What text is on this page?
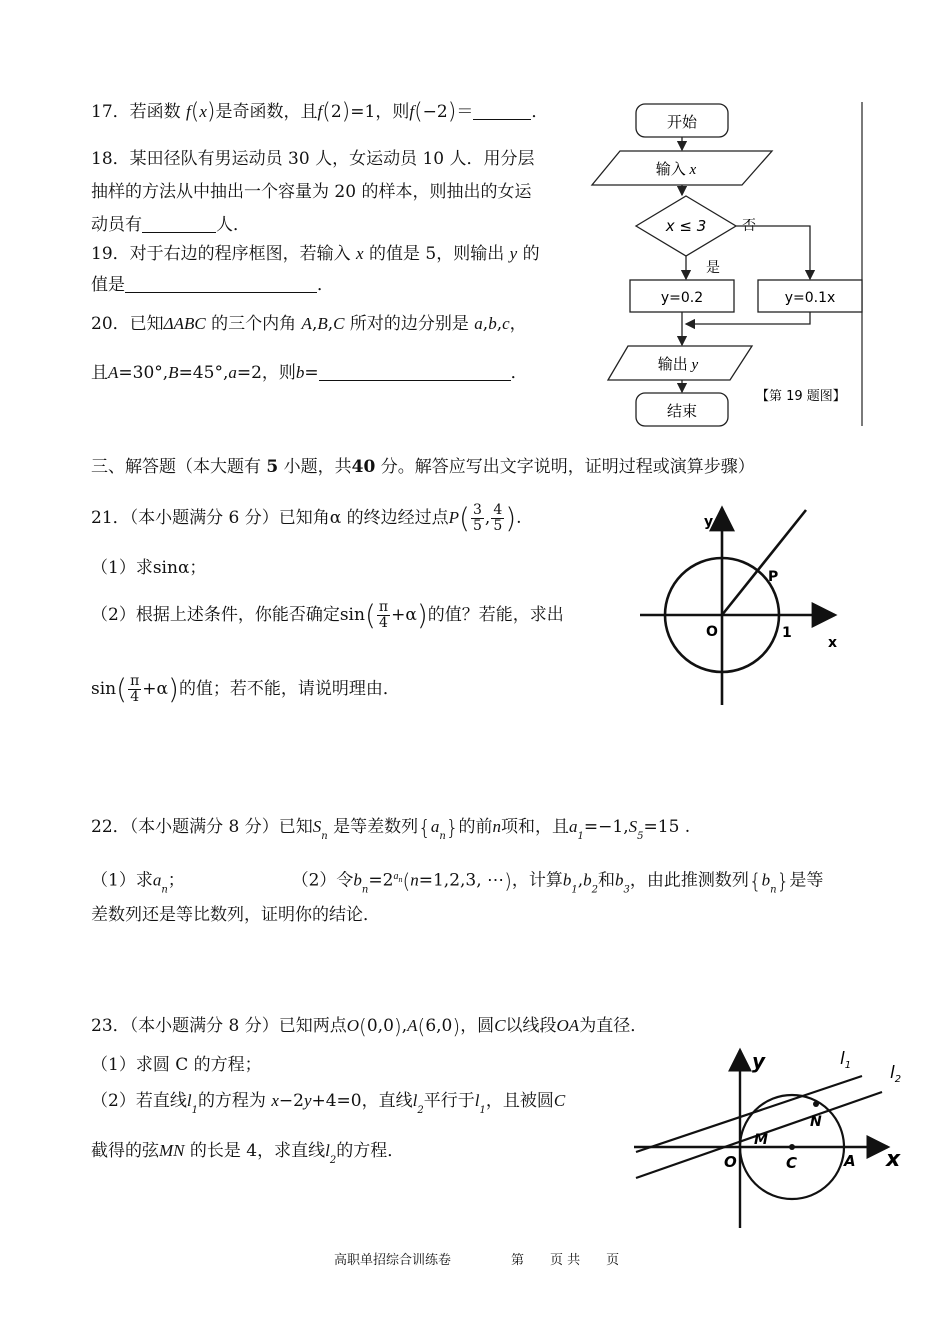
17．若函数 f(x)是奇函数，且f(2)=1，则f(−2)＝	．
18．某田径队有男运动员 30 人，女运动员 10 人．用分层
抽样的方法从中抽出一个容量为 20 的样本，则抽出的女运
动员有	人．
19．对于右边的程序框图，若输入 x 的值是 5，则输出 y 的
值是	．
20．已知ΔABC 的三个内角 A,B,C 所对的边分别是 a,b,c，
且A=30°,B=45°,a=2，则b=	．
开始
输入 x
x ≤ 3	否
是
y=0.2	y=0.1x
输出 y
结束
【第 19 题图】
三、解答题（本大题有 5 小题，共40 分。解答应写出文字说明，证明过程或演算步骤）
21．（本小题满分 6 分）已知角α 的终边经过点$P( \frac{3}{5}$ , $\frac{4}{5}$ ).
（1）求sinα；
（2）根据上述条件，你能否确定$\sin( \frac{\pi}{4} +\alpha)$的值？若能，求出
$\sin( \frac{\pi}{4} +\alpha)$的值；若不能，请说明理由．
y
x
O	1
P
22．（本小题满分 8 分）已知$S_n$ 是等差数列$\{a_n\}$的前n项和，且$a_1=-1,S_5=15$ .
（1）求$a_n$；	（2）令$b_n=2^{a_n}(n=1,2,3$, ⋯)，计算$b_1,b_2$和$b_3$，由此推测数列$\{b_n\}$是等
差数列还是等比数列，证明你的结论．
23．（本小题满分 8 分）已知两点O(0,0),A(6,0)，圆C以线段OA为直径．
（1）求圆 C 的方程；
（2）若直线$l_1$的方程为 x−2y+4=0，直线$l_2$平行于$l_1$，且被圆C
截得的弦MN 的长是 4，求直线$l_2$的方程．
y
x
O	C	A
M
N
$l_1$ $l_2$
高职单招综合训练卷	第　　页 共　　页
